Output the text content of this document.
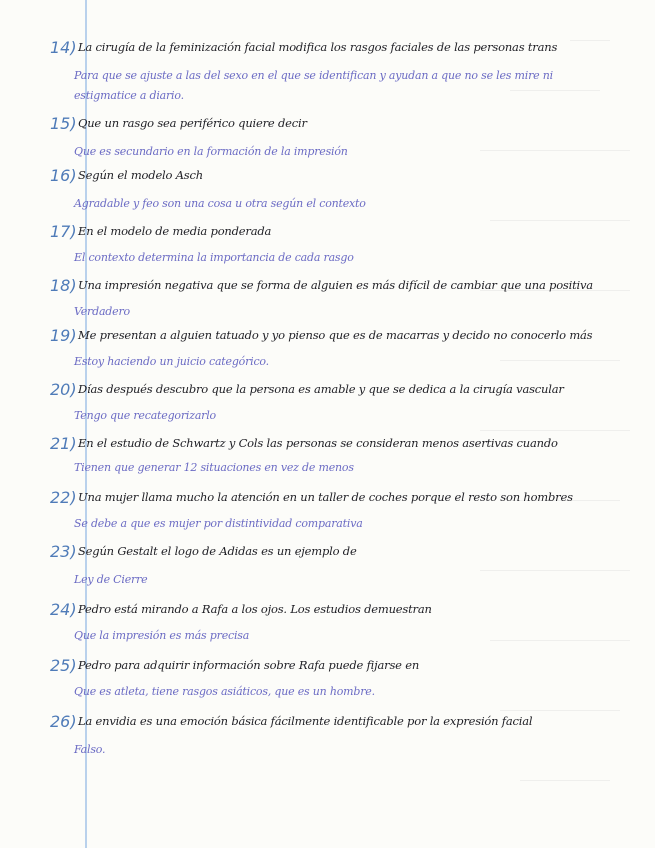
14) La cirugía de la feminización facial modifica los rasgos faciales de las personas trans
Para que se ajuste a las del sexo en el que se identifican y ayudan a que no se les mire ni estigmatice a diario.
15) Que un rasgo sea periférico quiere decir
Que es secundario en la formación de la impresión
16) Según el modelo Asch
Agradable y feo son una cosa u otra según el contexto
17) En el modelo de media ponderada
El contexto determina la importancia de cada rasgo
18) Una impresión negativa que se forma de alguien es más difícil de cambiar que una positiva
Verdadero
19) Me presentan a alguien tatuado y yo pienso que es de macarras y decido no conocerlo más
Estoy haciendo un juicio categórico.
20) Días después descubro que la persona es amable y que se dedica a la cirugía vascular
Tengo que recategorizarlo
21) En el estudio de Schwartz y Cols las personas se consideran menos asertivas cuando
Tienen que generar 12 situaciones en vez de menos
22) Una mujer llama mucho la atención en un taller de coches porque el resto son hombres
Se debe a que es mujer por distintividad comparativa
23) Según Gestalt el logo de Adidas es un ejemplo de
Ley de Cierre
24) Pedro está mirando a Rafa a los ojos. Los estudios demuestran
Que la impresión es más precisa
25) Pedro para adquirir información sobre Rafa puede fijarse en
Que es atleta, tiene rasgos asiáticos, que es un hombre.
26) La envidia es una emoción básica fácilmente identificable por la expresión facial
Falso.
